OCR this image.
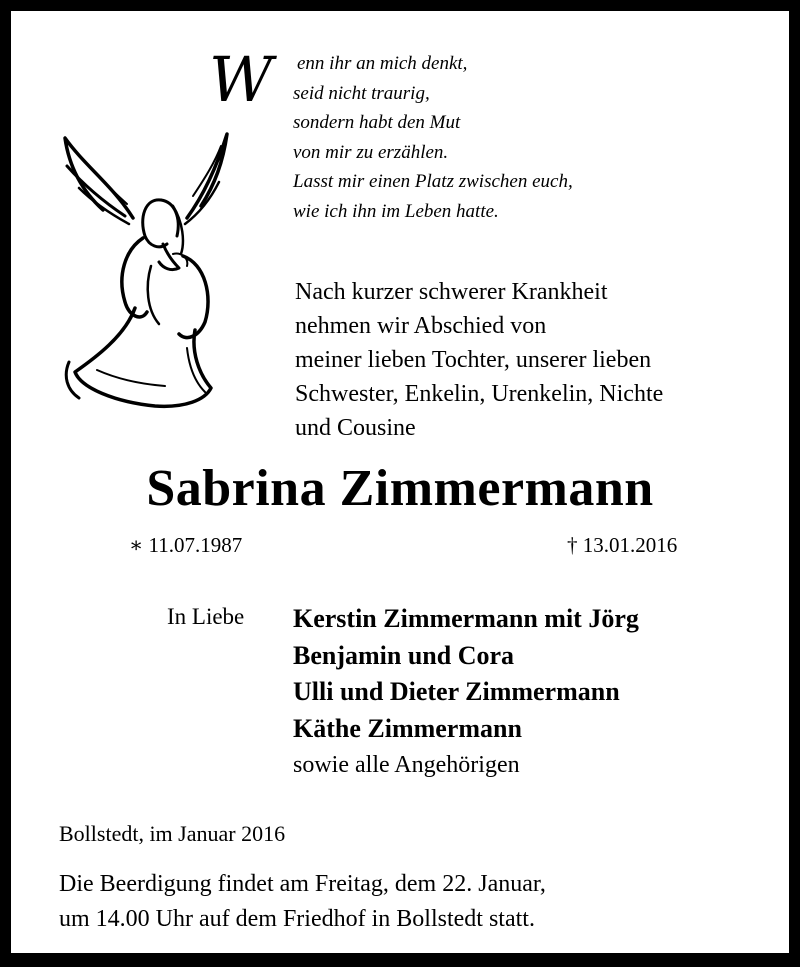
W enn ihr an mich denkt,
seid nicht traurig,
sondern habt den Mut
von mir zu erzählen.
Lasst mir einen Platz zwischen euch,
wie ich ihn im Leben hatte.
Nach kurzer schwerer Krankheit
nehmen wir Abschied von
meiner lieben Tochter, unserer lieben
Schwester, Enkelin, Urenkelin, Nichte
und Cousine
Sabrina Zimmermann
∗ 11.07.1987	† 13.01.2016
In Liebe Kerstin Zimmermann mit Jörg
Benjamin und Cora
Ulli und Dieter Zimmermann
Käthe Zimmermann
sowie alle Angehörigen
Bollstedt, im Januar 2016
Die Beerdigung findet am Freitag, dem 22. Januar,
um 14.00 Uhr auf dem Friedhof in Bollstedt statt.
